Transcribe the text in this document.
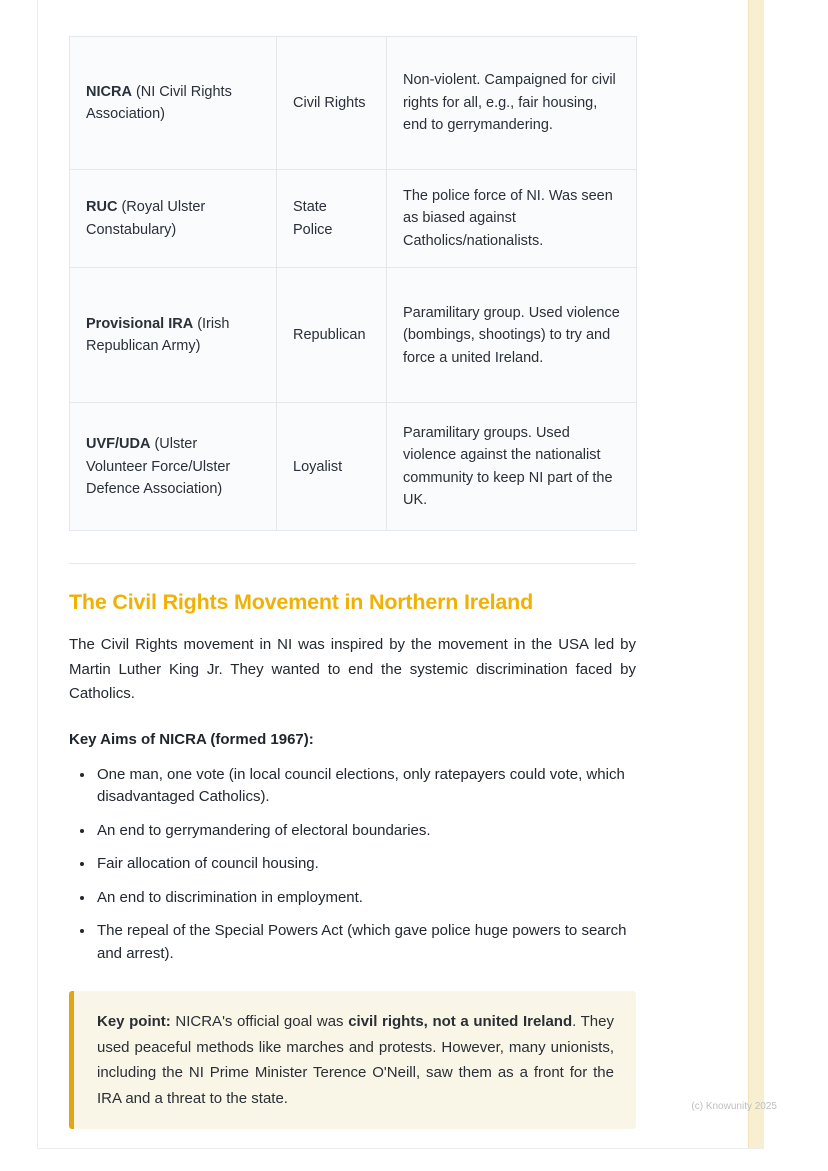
NICRA (NI Civil Rights Association)	Civil Rights	Non-violent. Campaigned for civil rights for all, e.g., fair housing, end to gerrymandering.
RUC (Royal Ulster Constabulary)	State Police	The police force of NI. Was seen as biased against Catholics/nationalists.
Provisional IRA (Irish Republican Army)	Republican	Paramilitary group. Used violence (bombings, shootings) to try and force a united Ireland.
UVF/UDA (Ulster Volunteer Force/Ulster Defence Association)	Loyalist	Paramilitary groups. Used violence against the nationalist community to keep NI part of the UK.
The Civil Rights Movement in Northern Ireland

The Civil Rights movement in NI was inspired by the movement in the USA led by Martin Luther King Jr. They wanted to end the systemic discrimination faced by Catholics.

Key Aims of NICRA (formed 1967):

• One man, one vote (in local council elections, only ratepayers could vote, which disadvantaged Catholics).
• An end to gerrymandering of electoral boundaries.
• Fair allocation of council housing.
• An end to discrimination in employment.
• The repeal of the Special Powers Act (which gave police huge powers to search and arrest).

Key point: NICRA's official goal was civil rights, not a united Ireland. They used peaceful methods like marches and protests. However, many unionists, including the NI Prime Minister Terence O'Neill, saw them as a front for the IRA and a threat to the state.	(c) Knowunity 2025
